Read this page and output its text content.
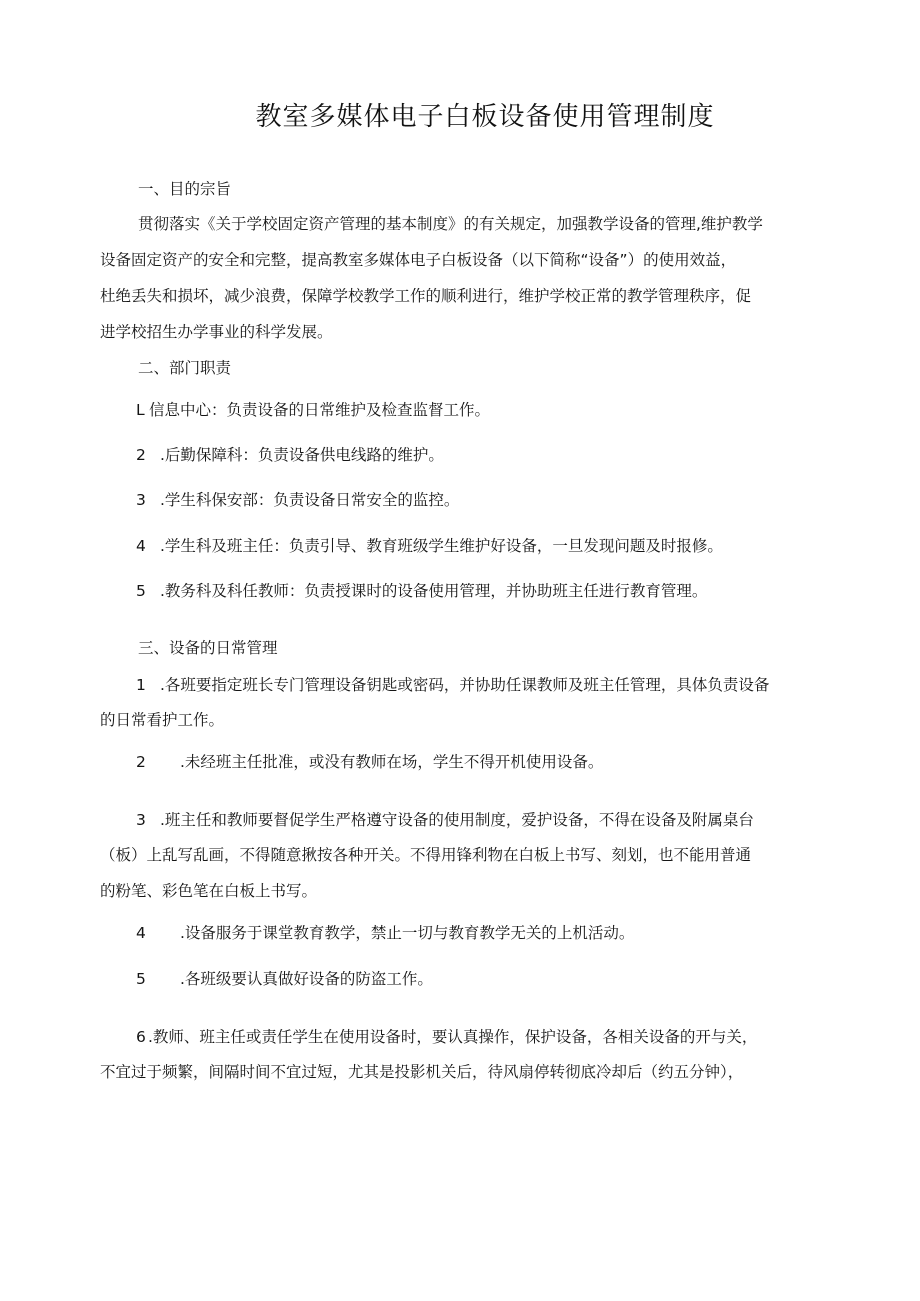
教室多媒体电子白板设备使用管理制度
一、目的宗旨
贯彻落实《关于学校固定资产管理的基本制度》的有关规定，加强教学设备的管理,维护教学
设备固定资产的安全和完整，提高教室多媒体电子白板设备（以下简称“设备”）的使用效益，
杜绝丢失和损坏，减少浪费，保障学校教学工作的顺利进行，维护学校正常的教学管理秩序，促
进学校招生办学事业的科学发展。
二、部门职责
L 信息中心：负责设备的日常维护及检查监督工作。
2 .后勤保障科：负责设备供电线路的维护。
3 .学生科保安部：负责设备日常安全的监控。
4 .学生科及班主任：负责引导、教育班级学生维护好设备，一旦发现问题及时报修。
5 .教务科及科任教师：负责授课时的设备使用管理，并协助班主任进行教育管理。
三、设备的日常管理
1 .各班要指定班长专门管理设备钥匙或密码，并协助任课教师及班主任管理，具体负责设备
的日常看护工作。
2 .未经班主任批准，或没有教师在场，学生不得开机使用设备。
3 .班主任和教师要督促学生严格遵守设备的使用制度，爱护设备，不得在设备及附属桌台
（板）上乱写乱画，不得随意揪按各种开关。不得用锋利物在白板上书写、刻划，也不能用普通
的粉笔、彩色笔在白板上书写。
4 .设备服务于课堂教育教学，禁止一切与教育教学无关的上机活动。
5 .各班级要认真做好设备的防盗工作。
6 .教师、班主任或责任学生在使用设备时，要认真操作，保护设备，各相关设备的开与关，
不宜过于频繁，间隔时间不宜过短，尤其是投影机关后，待风扇停转彻底冷却后（约五分钟），
